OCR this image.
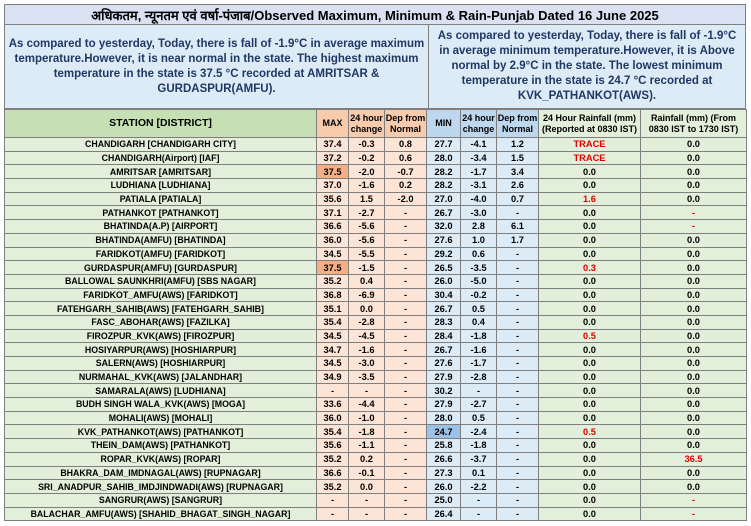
अधिकतम, न्यूनतम एवं वर्षा-पंजाब/Observed Maximum, Minimum & Rain-Punjab Dated 16 June 2025
As compared to yesterday, Today, there is fall of -1.9°C in average maximum temperature.However, it is near normal in the state. The highest maximum temperature in the state is 37.5 °C recorded at AMRITSAR & GURDASPUR(AMFU).
As compared to yesterday, Today, there is fall of -1.9°C in average minimum temperature.However, it is Above normal by 2.9°C in the state. The lowest minimum temperature in the state is 24.7 °C recorded at KVK_PATHANKOT(AWS).
STATION [DISTRICT]	MAX	24 hour change	Dep from Normal	MIN	24 hour change	Dep from Normal	24 Hour Rainfall (mm) (Reported at 0830 IST)	Rainfall (mm) (From 0830 IST to 1730 IST)
CHANDIGARH [CHANDIGARH CITY]	37.4	-0.3	0.8	27.7	-4.1	1.2	TRACE	0.0
CHANDIGARH(Airport) [IAF]	37.2	-0.2	0.6	28.0	-3.4	1.5	TRACE	0.0
AMRITSAR [AMRITSAR]	37.5	-2.0	-0.7	28.2	-1.7	3.4	0.0	0.0
LUDHIANA [LUDHIANA]	37.0	-1.6	0.2	28.2	-3.1	2.6	0.0	0.0
PATIALA [PATIALA]	35.6	1.5	-2.0	27.0	-4.0	0.7	1.6	0.0
PATHANKOT [PATHANKOT]	37.1	-2.7	-	26.7	-3.0	-	0.0	-
BHATINDA(A.P) [AIRPORT]	36.6	-5.6	-	32.0	2.8	6.1	0.0	-
BHATINDA(AMFU) [BHATINDA]	36.0	-5.6	-	27.6	1.0	1.7	0.0	0.0
FARIDKOT(AMFU) [FARIDKOT]	34.5	-5.5	-	29.2	0.6	-	0.0	0.0
GURDASPUR(AMFU) [GURDASPUR]	37.5	-1.5	-	26.5	-3.5	-	0.3	0.0
BALLOWAL SAUNKHRI(AMFU) [SBS NAGAR]	35.2	0.4	-	26.0	-5.0	-	0.0	0.0
FARIDKOT_AMFU(AWS) [FARIDKOT]	36.8	-6.9	-	30.4	-0.2	-	0.0	0.0
FATEHGARH_SAHIB(AWS) [FATEHGARH_SAHIB]	35.1	0.0	-	26.7	0.5	-	0.0	0.0
FASC_ABOHAR(AWS) [FAZILKA]	35.4	-2.8	-	28.3	0.4	-	0.0	0.0
FIROZPUR_KVK(AWS) [FIROZPUR]	34.5	-4.5	-	28.4	-1.8	-	0.5	0.0
HOSIYARPUR(AWS) [HOSHIARPUR]	34.7	-1.6	-	26.7	-1.6	-	0.0	0.0
SALERN(AWS) [HOSHIARPUR]	34.5	-3.0	-	27.6	-1.7	-	0.0	0.0
NURMAHAL_KVK(AWS) [JALANDHAR]	34.9	-3.5	-	27.9	-2.8	-	0.0	0.0
SAMARALA(AWS) [LUDHIANA]	-	-	-	30.2	-	-	0.0	0.0
BUDH SINGH WALA_KVK(AWS) [MOGA]	33.6	-4.4	-	27.9	-2.7	-	0.0	0.0
MOHALI(AWS) [MOHALI]	36.0	-1.0	-	28.0	0.5	-	0.0	0.0
KVK_PATHANKOT(AWS) [PATHANKOT]	35.4	-1.8	-	24.7	-2.4	-	0.5	0.0
THEIN_DAM(AWS) [PATHANKOT]	35.6	-1.1	-	25.8	-1.8	-	0.0	0.0
ROPAR_KVK(AWS) [ROPAR]	35.2	0.2	-	26.6	-3.7	-	0.0	36.5
BHAKRA_DAM_IMDNAGAL(AWS) [RUPNAGAR]	36.6	-0.1	-	27.3	0.1	-	0.0	0.0
SRI_ANADPUR_SAHIB_IMDJINDWADI(AWS) [RUPNAGAR]	35.2	0.0	-	26.0	-2.2	-	0.0	0.0
SANGRUR(AWS) [SANGRUR]	-	-	-	25.0	-	-	0.0	-
BALACHAR_AMFU(AWS) [SHAHID_BHAGAT_SINGH_NAGAR]	-	-	-	26.4	-	-	0.0	-
